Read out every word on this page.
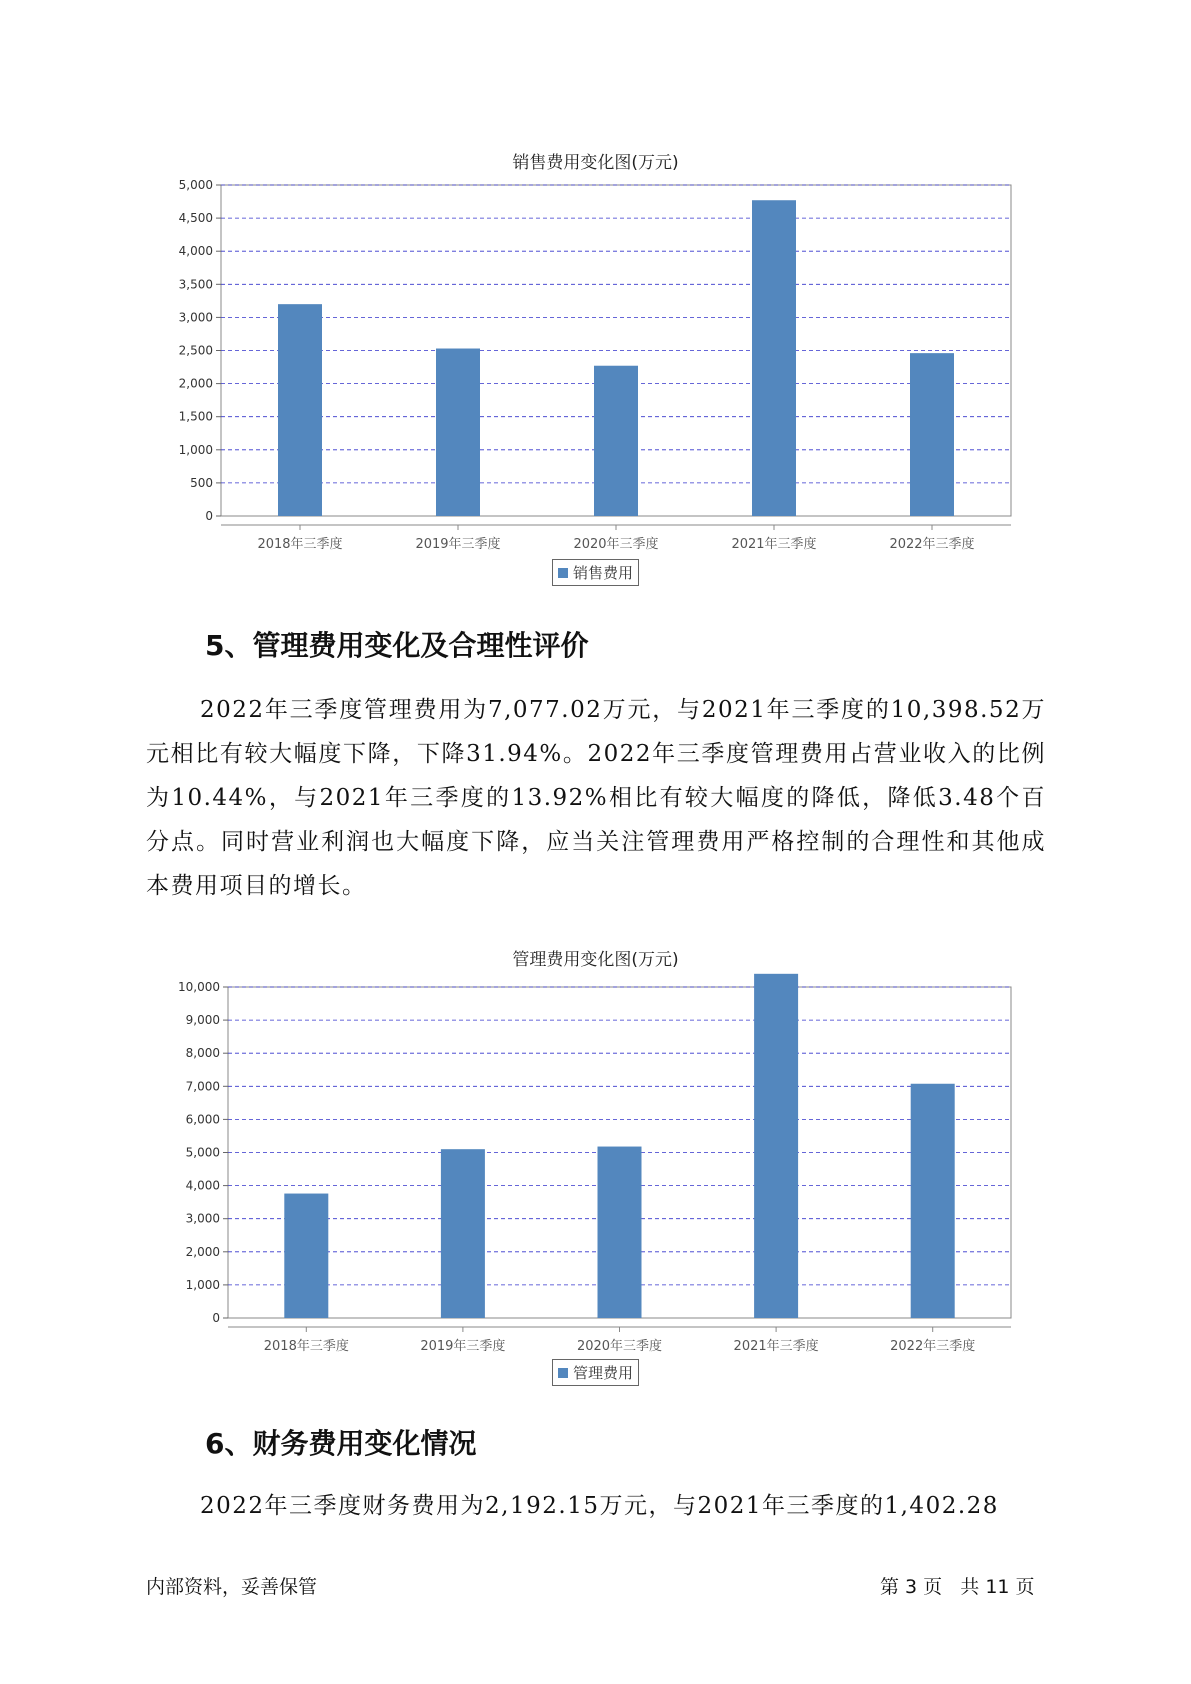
销售费用变化图(万元)
0
500
1,000
1,500
2,000
2,500
3,000
3,500
4,000
4,500
5,000
2018年三季度	2019年三季度	2020年三季度	2021年三季度	2022年三季度
销售费用
5、管理费用变化及合理性评价

2022年三季度管理费用为7,077.02万元，与2021年三季度的10,398.52万元相比有较大幅度下降，下降31.94%。2022年三季度管理费用占营业收入的比例为10.44%，与2021年三季度的13.92%相比有较大幅度的降低，降低3.48个百分点。同时营业利润也大幅度下降，应当关注管理费用严格控制的合理性和其他成本费用项目的增长。

管理费用变化图(万元)
0
1,000
2,000
3,000
4,000
5,000
6,000
7,000
8,000
9,000
10,000
2018年三季度	2019年三季度	2020年三季度	2021年三季度	2022年三季度
管理费用
6、财务费用变化情况

2022年三季度财务费用为2,192.15万元，与2021年三季度的1,402.28

内部资料，妥善保管	第 3 页   共 11 页
